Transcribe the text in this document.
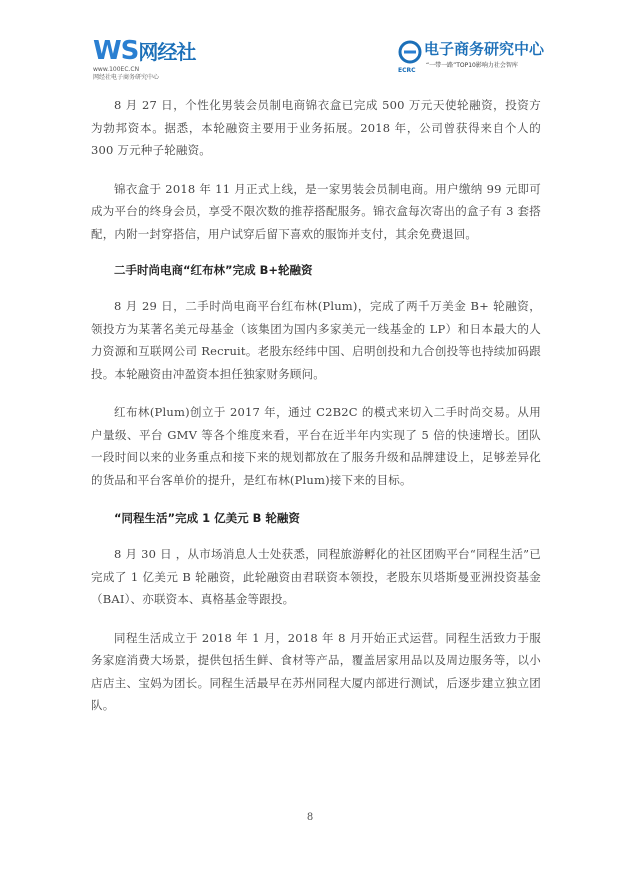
WS网经社
www.100EC.CN
网经社电子商务研究中心
电子商务研究中心
“一带一路”TOP10影响力社会智库
ECRC

8 月 27 日，个性化男装会员制电商锦衣盒已完成 500 万元天使轮融资，投资方为勃邦资本。据悉，本轮融资主要用于业务拓展。2018 年，公司曾获得来自个人的 300 万元种子轮融资。

锦衣盒于 2018 年 11 月正式上线，是一家男装会员制电商。用户缴纳 99 元即可成为平台的终身会员，享受不限次数的推荐搭配服务。锦衣盒每次寄出的盒子有 3 套搭配，内附一封穿搭信，用户试穿后留下喜欢的服饰并支付，其余免费退回。

二手时尚电商“红布林”完成 B+轮融资

8 月 29 日，二手时尚电商平台红布林(Plum)，完成了两千万美金 B+ 轮融资，领投方为某著名美元母基金（该集团为国内多家美元一线基金的 LP）和日本最大的人力资源和互联网公司 Recruit。老股东经纬中国、启明创投和九合创投等也持续加码跟投。本轮融资由冲盈资本担任独家财务顾问。

红布林(Plum)创立于 2017 年，通过 C2B2C 的模式来切入二手时尚交易。从用户量级、平台 GMV 等各个维度来看，平台在近半年内实现了 5 倍的快速增长。团队一段时间以来的业务重点和接下来的规划都放在了服务升级和品牌建设上，足够差异化的货品和平台客单价的提升，是红布林(Plum)接下来的目标。

“同程生活”完成 1 亿美元 B 轮融资

8 月 30 日 ，从市场消息人士处获悉，同程旅游孵化的社区团购平台“同程生活”已完成了 1 亿美元 B 轮融资，此轮融资由君联资本领投，老股东贝塔斯曼亚洲投资基金（BAI）、亦联资本、真格基金等跟投。

同程生活成立于 2018 年 1 月，2018 年 8 月开始正式运营。同程生活致力于服务家庭消费大场景，提供包括生鲜、食材等产品，覆盖居家用品以及周边服务等，以小店店主、宝妈为团长。同程生活最早在苏州同程大厦内部进行测试，后逐步建立独立团队。

8
